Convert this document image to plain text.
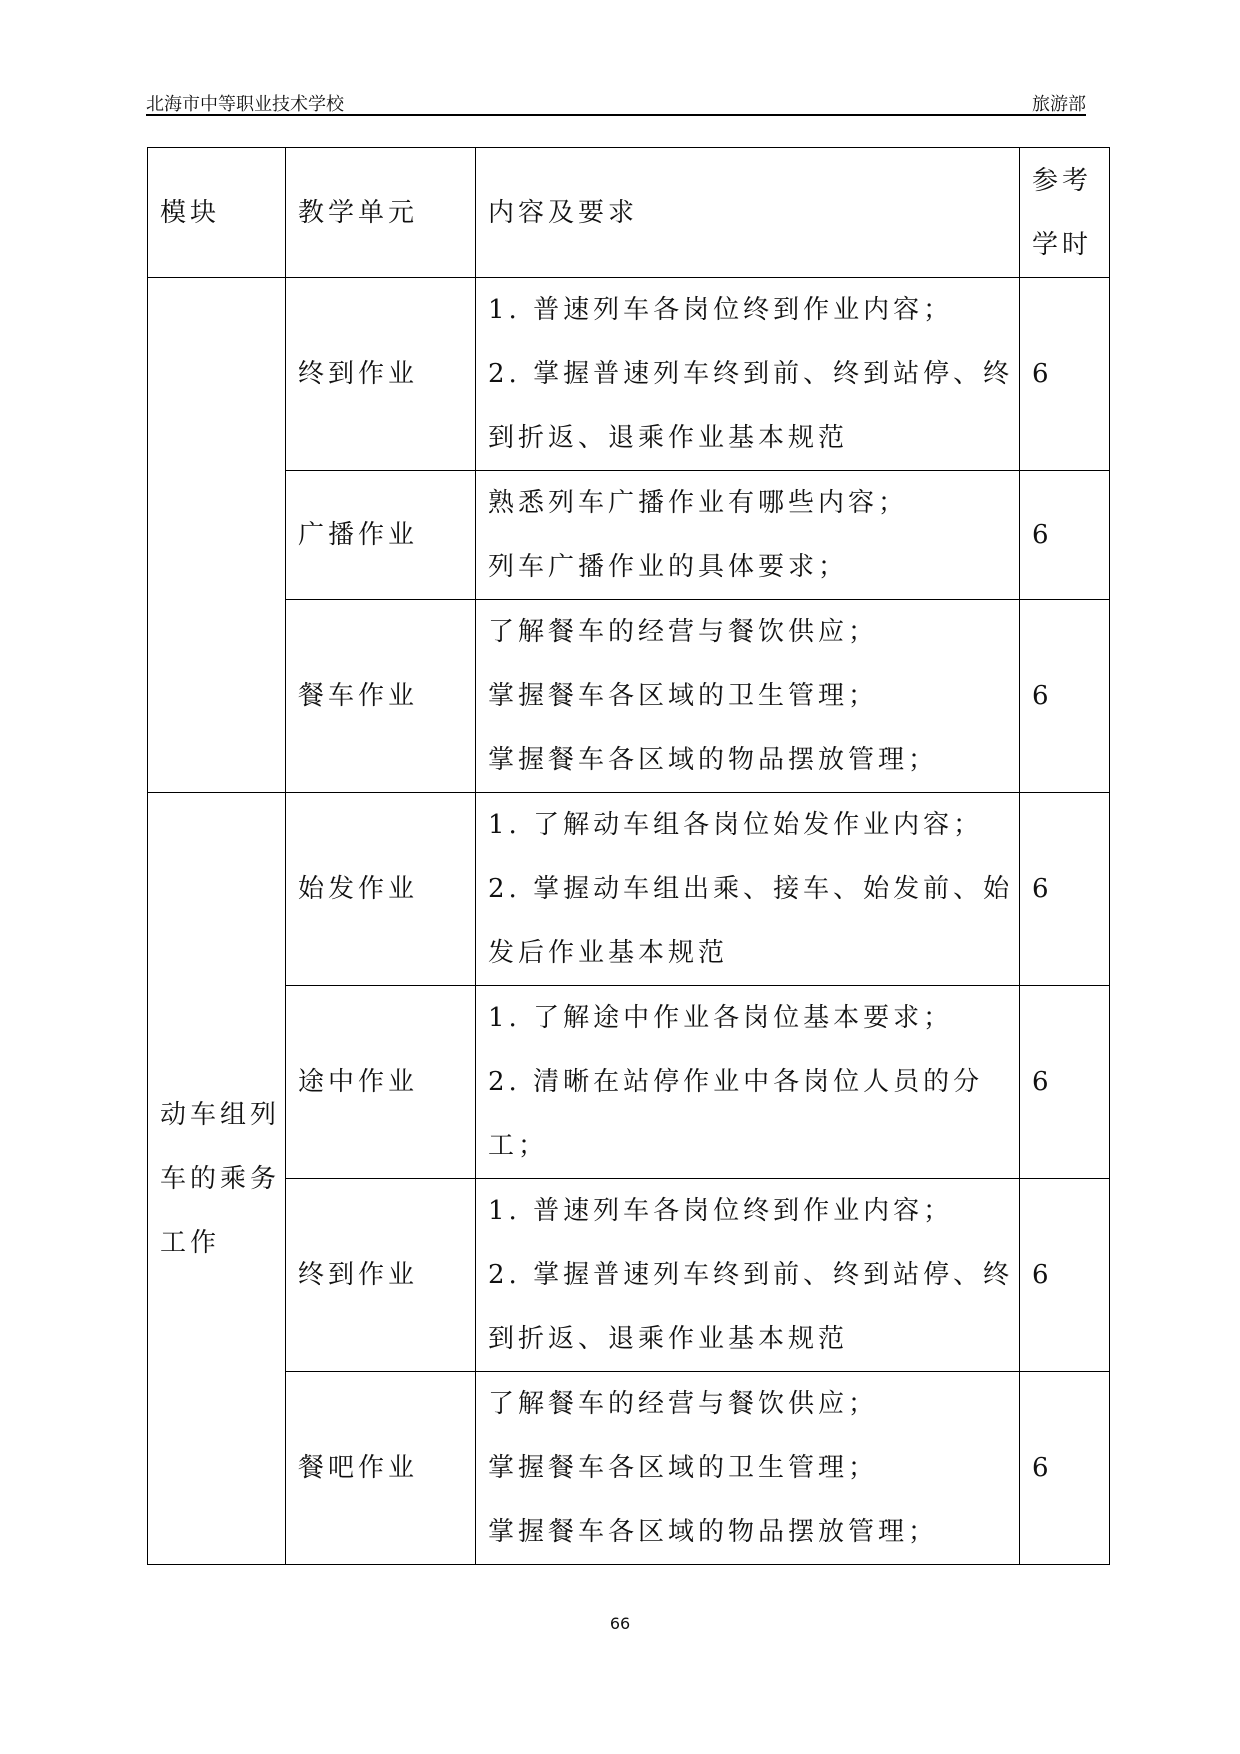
北海市中等职业技术学校	旅游部
模块	教学单元	内容及要求	参考
学时

	终到作业	1. 普速列车各岗位终到作业内容；
2. 掌握普速列车终到前、终到站停、终
到折返、退乘作业基本规范	6
	广播作业	熟悉列车广播作业有哪些内容；
列车广播作业的具体要求；	6
	餐车作业	了解餐车的经营与餐饮供应；
掌握餐车各区域的卫生管理；
掌握餐车各区域的物品摆放管理；	6

动车组列
车的乘务
工作	始发作业	1. 了解动车组各岗位始发作业内容；
2. 掌握动车组出乘、接车、始发前、始
发后作业基本规范	6
	途中作业	1. 了解途中作业各岗位基本要求；
2. 清晰在站停作业中各岗位人员的分
工；	6
	终到作业	1. 普速列车各岗位终到作业内容；
2. 掌握普速列车终到前、终到站停、终
到折返、退乘作业基本规范	6
	餐吧作业	了解餐车的经营与餐饮供应；
掌握餐车各区域的卫生管理；
掌握餐车各区域的物品摆放管理；	6
66
